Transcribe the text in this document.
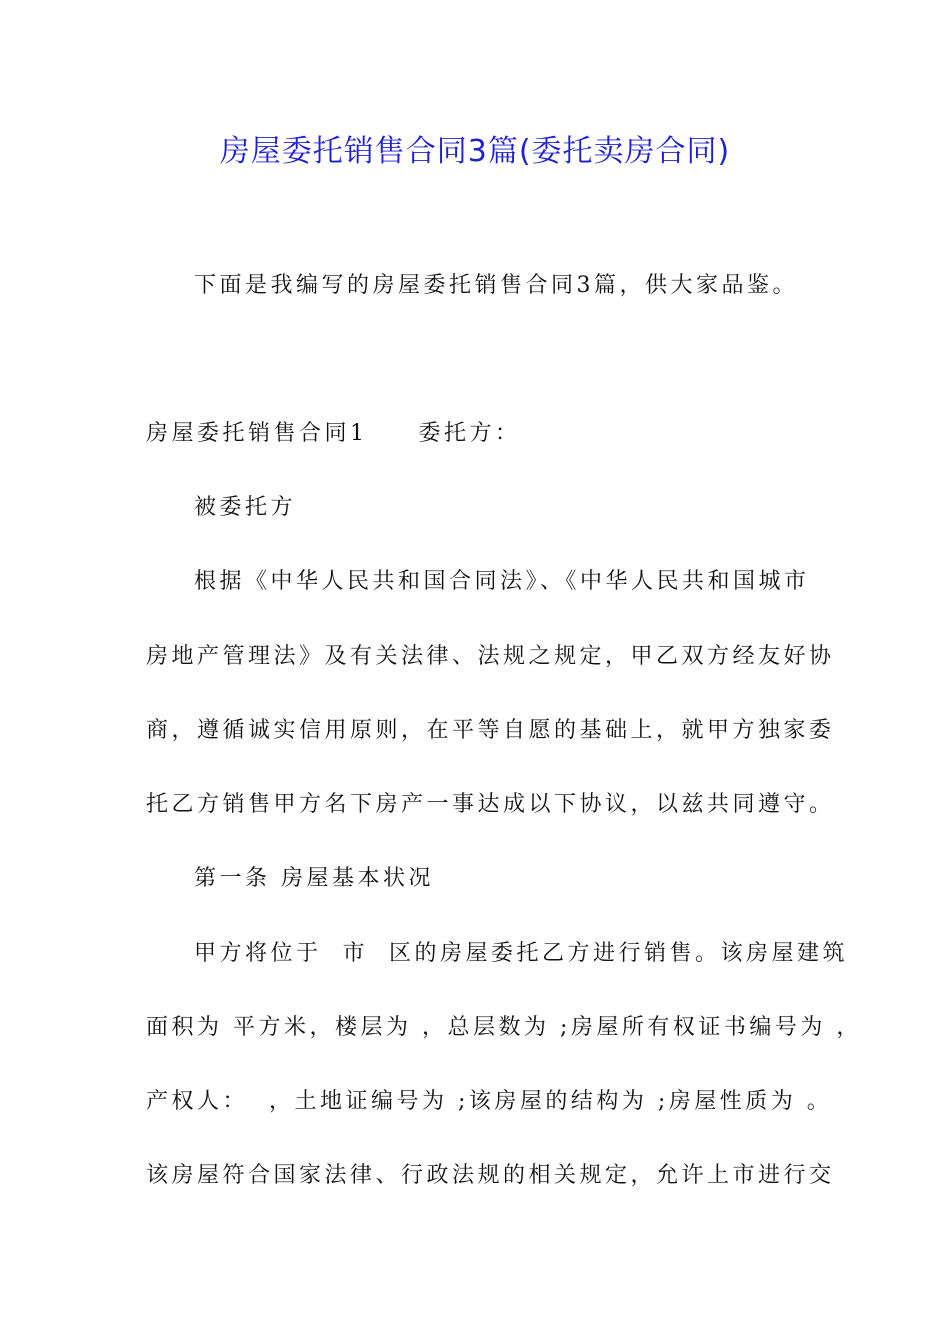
房屋委托销售合同3篇(委托卖房合同)

下面是我编写的房屋委托销售合同3篇，供大家品鉴。

房屋委托销售合同1　　委托方：

被委托方

根据《中华人民共和国合同法》、《中华人民共和国城市

房地产管理法》及有关法律、法规之规定，甲乙双方经友好协

商，遵循诚实信用原则，在平等自愿的基础上，就甲方独家委

托乙方销售甲方名下房产一事达成以下协议，以兹共同遵守。

第一条 房屋基本状况

甲方将位于  市  区的房屋委托乙方进行销售。该房屋建筑

面积为 平方米，楼层为 ，总层数为 ;房屋所有权证书编号为 ，

产权人：  ，土地证编号为 ;该房屋的结构为 ;房屋性质为 。

该房屋符合国家法律、行政法规的相关规定，允许上市进行交
